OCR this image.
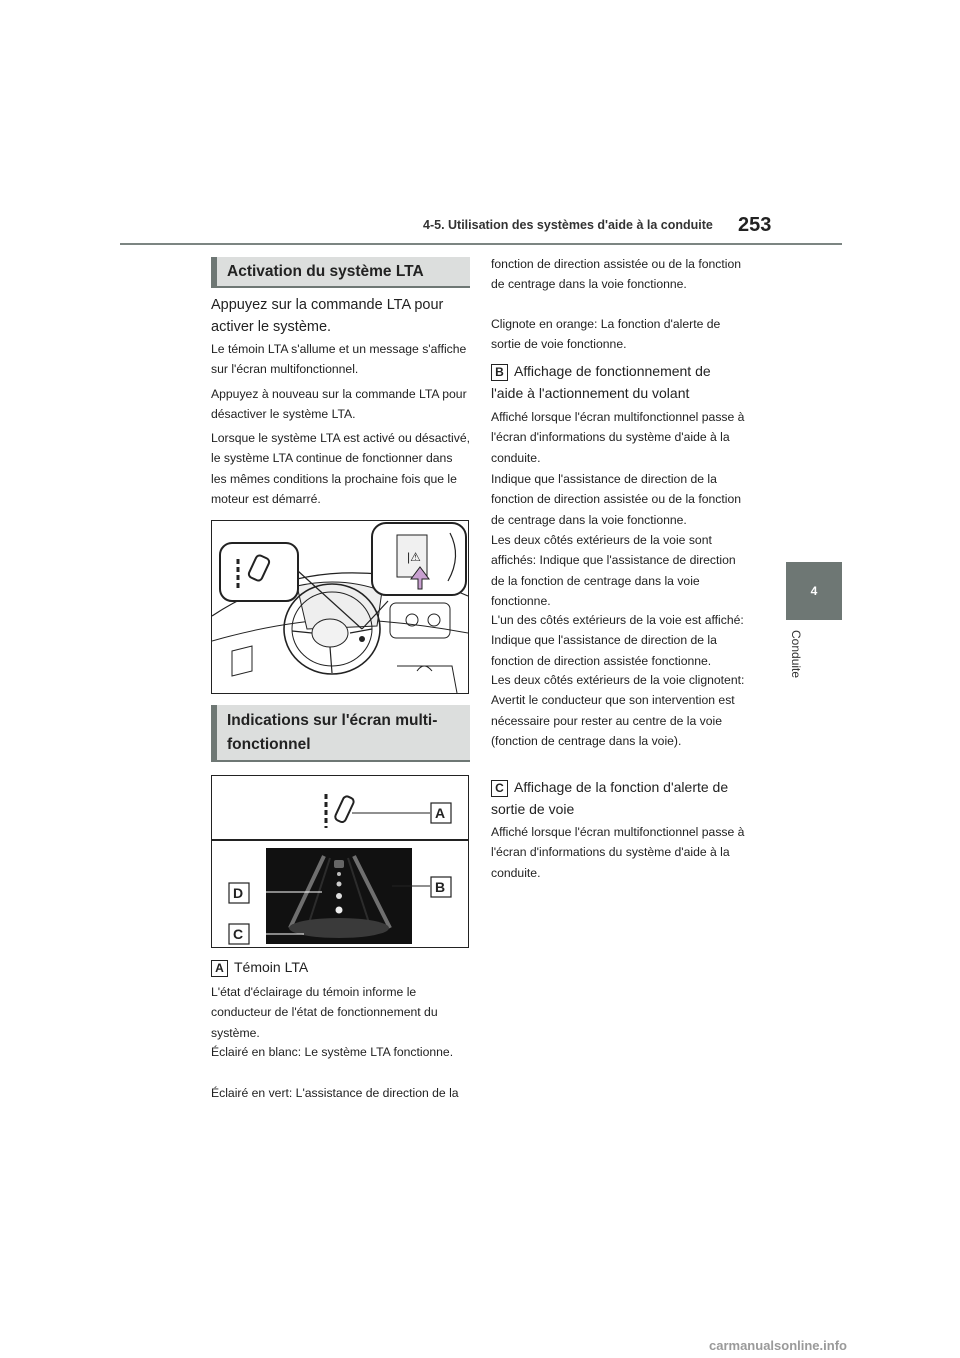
4-5. Utilisation des systèmes d'aide à la conduite 253
4
Conduite
Activation du système LTA

Appuyez sur la commande LTA pour activer le système.

Le témoin LTA s'allume et un message s'affiche sur l'écran multifonctionnel.

Appuyez à nouveau sur la commande LTA pour désactiver le système LTA.

Lorsque le système LTA est activé ou désactivé, le système LTA continue de fonctionner dans les mêmes conditions la prochaine fois que le moteur est démarré.

|⚠
Indications sur l'écran multi-fonctionnel
D
C
A
B
A Témoin LTA

L'état d'éclairage du témoin informe le conducteur de l'état de fonctionnement du système.

Éclairé en blanc: Le système LTA fonctionne.

Éclairé en vert: L'assistance de direction de la

fonction de direction assistée ou de la fonction de centrage dans la voie fonctionne.

Clignote en orange: La fonction d'alerte de sortie de voie fonctionne.

B Affichage de fonctionnement de l'aide à l'actionnement du volant

Affiché lorsque l'écran multifonctionnel passe à l'écran d'informations du système d'aide à la conduite.

Indique que l'assistance de direction de la fonction de direction assistée ou de la fonction de centrage dans la voie fonctionne.

Les deux côtés extérieurs de la voie sont affichés: Indique que l'assistance de direction de la fonction de centrage dans la voie fonctionne.

L'un des côtés extérieurs de la voie est affiché: Indique que l'assistance de direction de la fonction de direction assistée fonctionne.

Les deux côtés extérieurs de la voie clignotent: Avertit le conducteur que son intervention est nécessaire pour rester au centre de la voie (fonction de centrage dans la voie).

C Affichage de la fonction d'alerte de sortie de voie

Affiché lorsque l'écran multifonctionnel passe à l'écran d'informations du système d'aide à la conduite.

carmanualsonline.info
